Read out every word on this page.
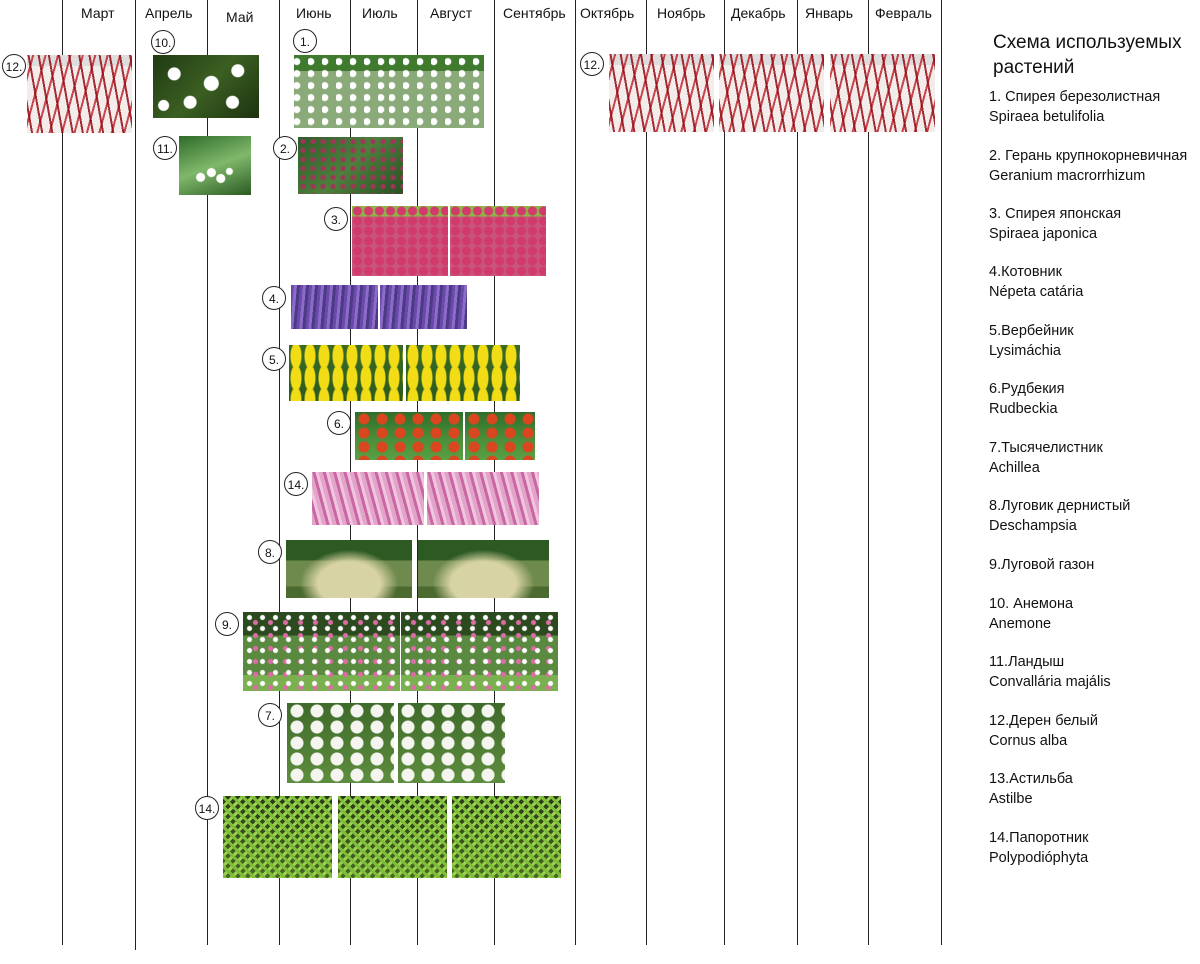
Март Апрель Май	Июнь Июль Август Сентябрь Октябрь Ноябрь Декабрь Январь Февраль
12.
10.
11.
1.
12.
2.
3.
4.
5.
6.
14.
8.
9.
7.
14.
Схема используемых растений
1. Спирея березолистная
Spiraea betulifolia
2. Герань крупнокорневичная
Geranium macrorrhizum
3. Спирея японская
Spiraea japonica
4.Котовник
Népeta catária
5.Вербейник
Lysimáchia
6.Рудбекия
Rudbeckia
7.Тысячелистник
Achillea
8.Луговик дернистый
Deschampsia
9.Луговой газон
10. Анемона
Anemone
11.Ландыш
Convallária majális
12.Дерен белый
Cornus alba
13.Астильба
Astilbe
14.Папоротник
Polypodióphyta
